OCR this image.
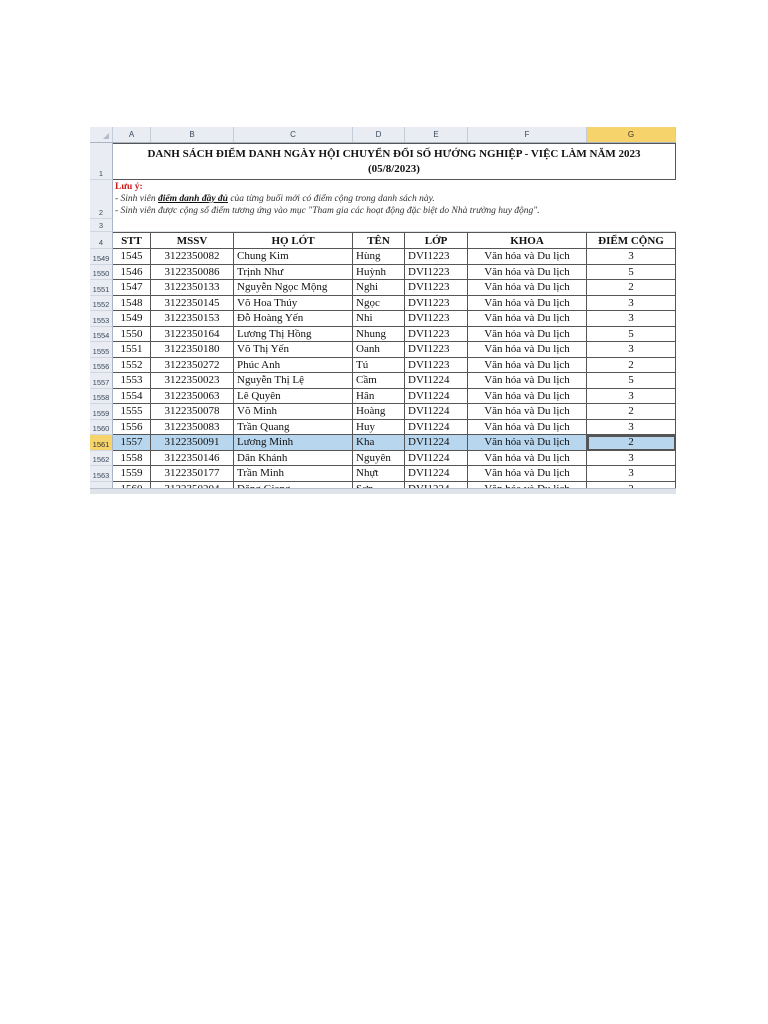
A	B	C	D	E	F	G
1
DANH SÁCH ĐIỂM DANH NGÀY HỘI CHUYỂN ĐỔI SỐ HƯỚNG NGHIỆP - VIỆC LÀM NĂM 2023
(05/8/2023)
2
Lưu ý:
- Sinh viên điểm danh đầy đủ của từng buổi mới có điểm cộng trong danh sách này.
- Sinh viên được cộng số điểm tương ứng vào mục "Tham gia các hoạt động đặc biệt do Nhà trường huy động".
3
4	STT	MSSV	HỌ LÓT	TÊN	LỚP	KHOA	ĐIỂM CỘNG
1549	1545	3122350082	Chung Kim	Hùng	DVI1223	Văn hóa và Du lịch	3
1550	1546	3122350086	Trịnh Như	Huỳnh	DVI1223	Văn hóa và Du lịch	5
1551	1547	3122350133	Nguyễn Ngọc Mộng	Nghi	DVI1223	Văn hóa và Du lịch	2
1552	1548	3122350145	Võ Hoa Thúy	Ngọc	DVI1223	Văn hóa và Du lịch	3
1553	1549	3122350153	Đỗ Hoàng Yến	Nhi	DVI1223	Văn hóa và Du lịch	3
1554	1550	3122350164	Lương Thị Hồng	Nhung	DVI1223	Văn hóa và Du lịch	5
1555	1551	3122350180	Võ Thị Yến	Oanh	DVI1223	Văn hóa và Du lịch	3
1556	1552	3122350272	Phúc Anh	Tú	DVI1223	Văn hóa và Du lịch	2
1557	1553	3122350023	Nguyễn Thị Lệ	Cầm	DVI1224	Văn hóa và Du lịch	5
1558	1554	3122350063	Lê Quyên	Hân	DVI1224	Văn hóa và Du lịch	3
1559	1555	3122350078	Võ Minh	Hoàng	DVI1224	Văn hóa và Du lịch	2
1560	1556	3122350083	Trần Quang	Huy	DVI1224	Văn hóa và Du lịch	3
1561	1557	3122350091	Lương Minh	Kha	DVI1224	Văn hóa và Du lịch	2
1562	1558	3122350146	Dân Khánh	Nguyên	DVI1224	Văn hóa và Du lịch	3
1563	1559	3122350177	Trần Minh	Nhựt	DVI1224	Văn hóa và Du lịch	3
